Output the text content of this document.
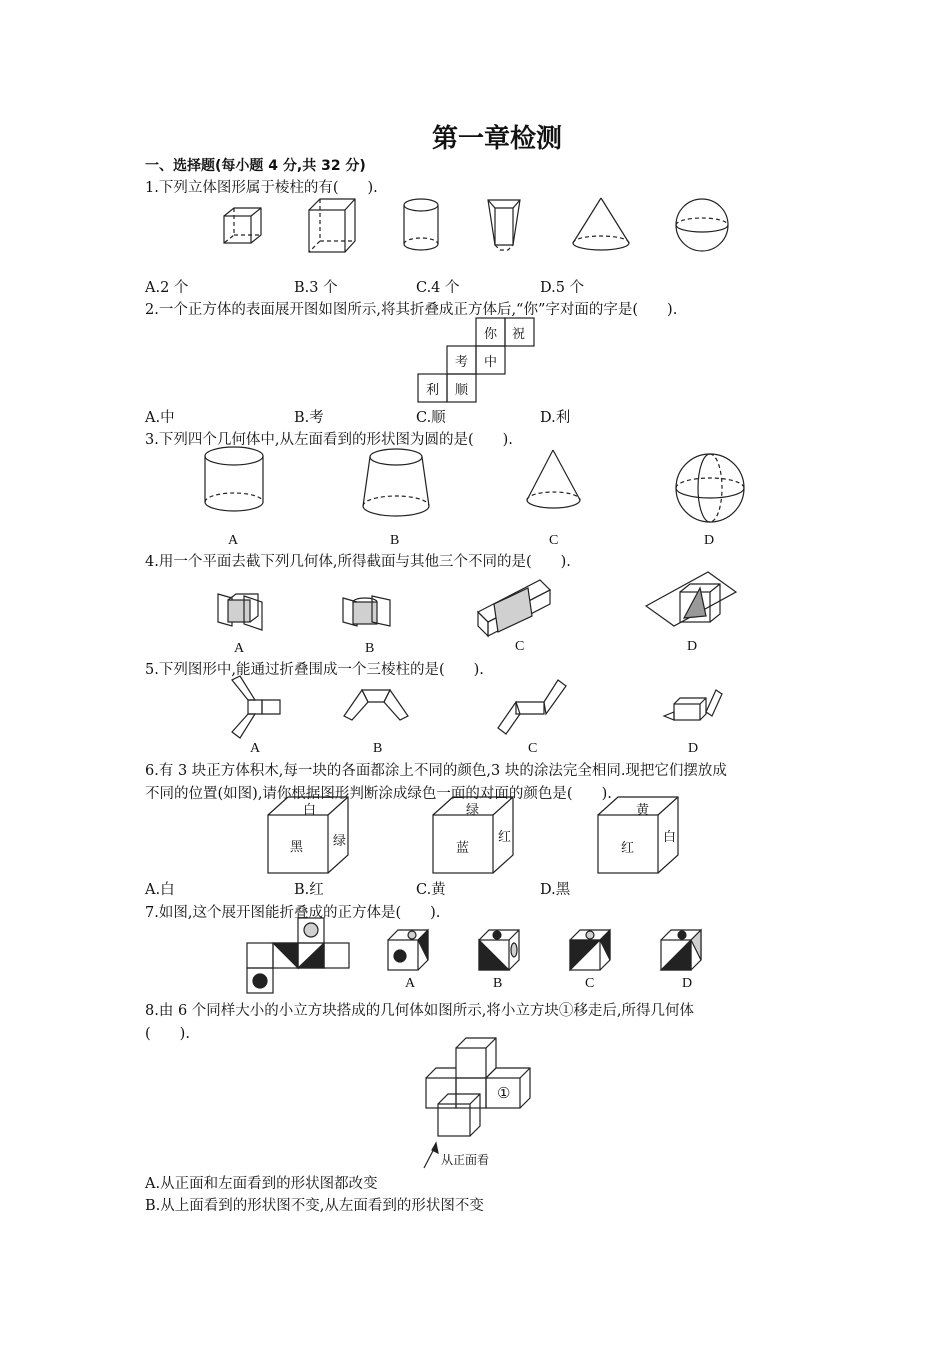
第一章检测
一、选择题(每小题 4 分,共 32 分)
1.下列立体图形属于棱柱的有(　　).
A.2 个	B.3 个	C.4 个	D.5 个
2.一个正方体的表面展开图如图所示,将其折叠成正方体后,“你”字对面的字是(　　).
你 祝
考 中
利 顺
A.中	B.考	C.顺	D.利
3.下列四个几何体中,从左面看到的形状图为圆的是(　　).
A	B	C	D
4.用一个平面去截下列几何体,所得截面与其他三个不同的是(　　).
A	B	C	D
5.下列图形中,能通过折叠围成一个三棱柱的是(　　).
A	B	C	D
6.有 3 块正方体积木,每一块的各面都涂上不同的颜色,3 块的涂法完全相同.现把它们摆放成
不同的位置(如图),请你根据图形判断涂成绿色一面的对面的颜色是(　　).
白
黑 绿
绿
蓝
红
黄
红
白
A.白	B.红	C.黄	D.黑
7.如图,这个展开图能折叠成的正方体是(　　).
A	B	C	D
8.由 6 个同样大小的小立方块搭成的几何体如图所示,将小立方块①移走后,所得几何体
(　　).
①
从正面看
A.从正面和左面看到的形状图都改变
B.从上面看到的形状图不变,从左面看到的形状图不变
